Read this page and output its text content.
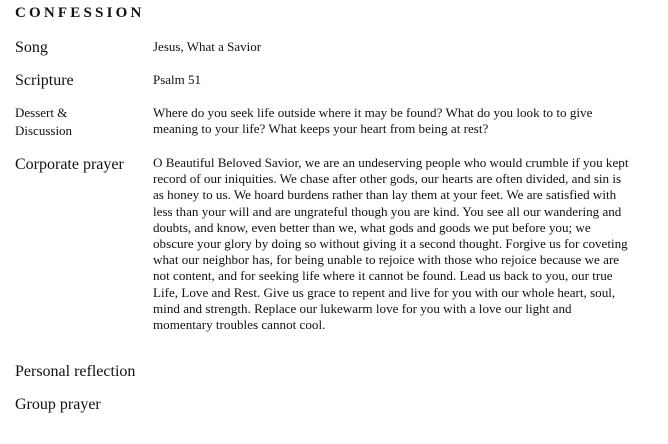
CONFESSION
Song	Jesus, What a Savior
Scripture	Psalm 51
Dessert &
Discussion
Where do you seek life outside where it may be found? What do you look to to give meaning to your life? What keeps your heart from being at rest?
Corporate prayer O Beautiful Beloved Savior, we are an undeserving people who would crumble if you kept record of our iniquities. We chase after other gods, our hearts are often divided, and sin is as honey to us. We hoard burdens rather than lay them at your feet. We are satisfied with less than your will and are ungrateful though you are kind. You see all our wandering and doubts, and know, even better than we, what gods and goods we put before you; we obscure your glory by doing so without giving it a second thought. Forgive us for coveting what our neighbor has, for being unable to rejoice with those who rejoice because we are not content, and for seeking life where it cannot be found. Lead us back to you, our true Life, Love and Rest. Give us grace to repent and live for you with our whole heart, soul, mind and strength. Replace our lukewarm love for you with a love our light and momentary troubles cannot cool.
Personal reflection
Group prayer
